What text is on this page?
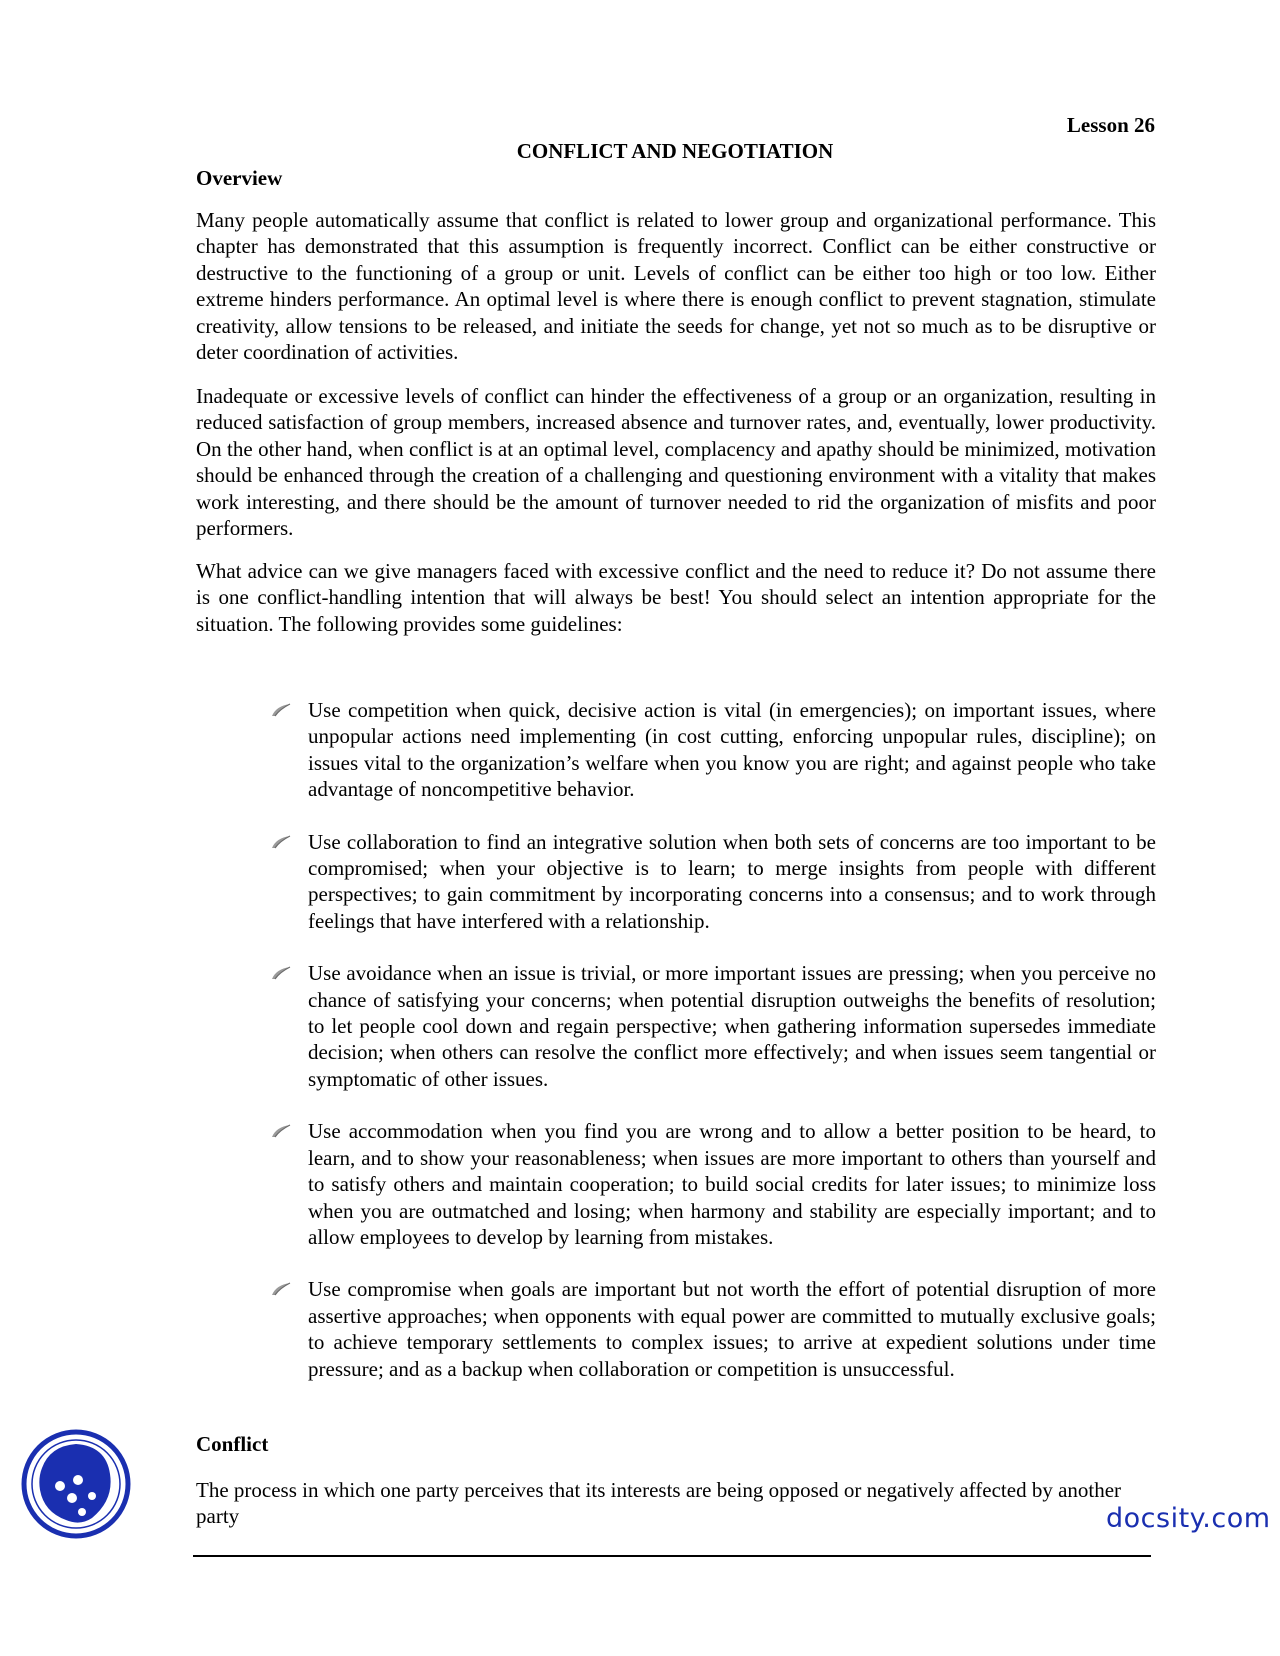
Lesson 26
CONFLICT AND NEGOTIATION
Overview

Many people automatically assume that conflict is related to lower group and organizational performance. This chapter has demonstrated that this assumption is frequently incorrect. Conflict can be either constructive or destructive to the functioning of a group or unit. Levels of conflict can be either too high or too low. Either extreme hinders performance. An optimal level is where there is enough conflict to prevent stagnation, stimulate creativity, allow tensions to be released, and initiate the seeds for change, yet not so much as to be disruptive or deter coordination of activities.

Inadequate or excessive levels of conflict can hinder the effectiveness of a group or an organization, resulting in reduced satisfaction of group members, increased absence and turnover rates, and, eventually, lower productivity. On the other hand, when conflict is at an optimal level, complacency and apathy should be minimized, motivation should be enhanced through the creation of a challenging and questioning environment with a vitality that makes work interesting, and there should be the amount of turnover needed to rid the organization of misfits and poor performers.

What advice can we give managers faced with excessive conflict and the need to reduce it? Do not assume there is one conflict-handling intention that will always be best! You should select an intention appropriate for the situation. The following provides some guidelines:

Use competition when quick, decisive action is vital (in emergencies); on important issues, where unpopular actions need implementing (in cost cutting, enforcing unpopular rules, discipline); on issues vital to the organization’s welfare when you know you are right; and against people who take advantage of noncompetitive behavior.
Use collaboration to find an integrative solution when both sets of concerns are too important to be compromised; when your objective is to learn; to merge insights from people with different perspectives; to gain commitment by incorporating concerns into a consensus; and to work through feelings that have interfered with a relationship.
Use avoidance when an issue is trivial, or more important issues are pressing; when you perceive no chance of satisfying your concerns; when potential disruption outweighs the benefits of resolution; to let people cool down and regain perspective; when gathering information supersedes immediate decision; when others can resolve the conflict more effectively; and when issues seem tangential or symptomatic of other issues.
Use accommodation when you find you are wrong and to allow a better position to be heard, to learn, and to show your reasonableness; when issues are more important to others than yourself and to satisfy others and maintain cooperation; to build social credits for later issues; to minimize loss when you are outmatched and losing; when harmony and stability are especially important; and to allow employees to develop by learning from mistakes.
Use compromise when goals are important but not worth the effort of potential disruption of more assertive approaches; when opponents with equal power are committed to mutually exclusive goals; to achieve temporary settlements to complex issues; to arrive at expedient solutions under time pressure; and as a backup when collaboration or competition is unsuccessful.
Conflict

The process in which one party perceives that its interests are being opposed or negatively affected by another party	docsity.com
